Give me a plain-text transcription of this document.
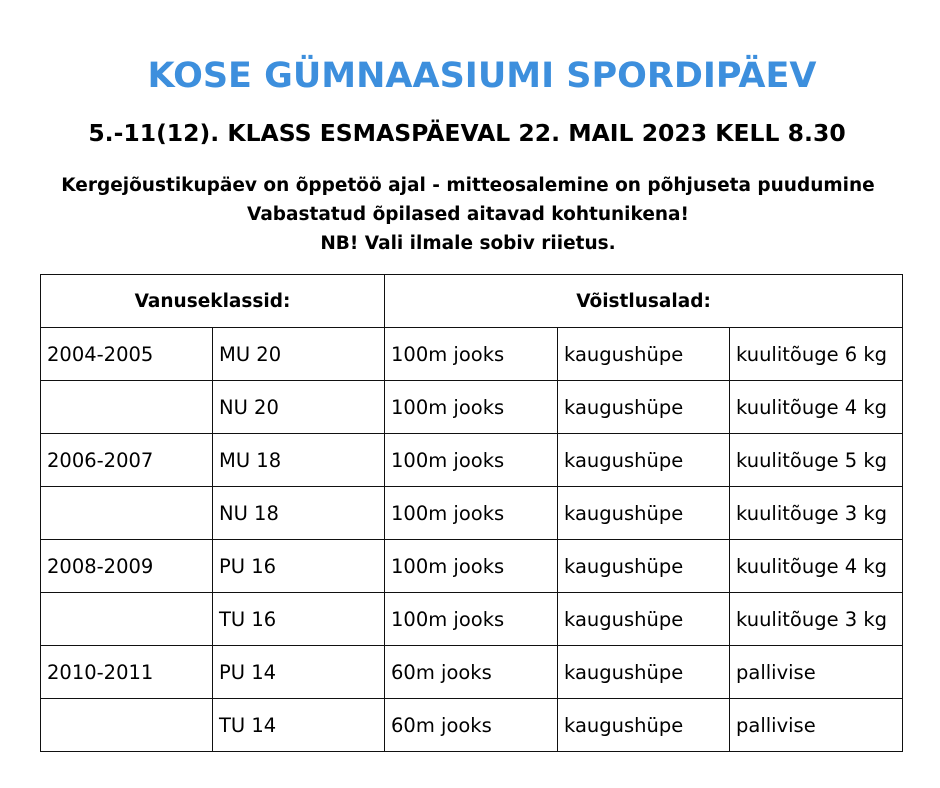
KOSE GÜMNAASIUMI SPORDIPÄEV
5.-11(12). KLASS ESMASPÄEVAL 22. MAIL 2023 KELL 8.30
Kergejõustikupäev on õppetöö ajal - mitteosalemine on põhjuseta puudumine
Vabastatud õpilased aitavad kohtunikena!
NB! Vali ilmale sobiv riietus.
Vanuseklassid:		Võistlusalad:		
2004-2005	MU 20	100m jooks	kaugushüpe	kuulitõuge 6 kg
	NU 20	100m jooks	kaugushüpe	kuulitõuge 4 kg
2006-2007	MU 18	100m jooks	kaugushüpe	kuulitõuge 5 kg
	NU 18	100m jooks	kaugushüpe	kuulitõuge 3 kg
2008-2009	PU 16	100m jooks	kaugushüpe	kuulitõuge 4 kg
	TU 16	100m jooks	kaugushüpe	kuulitõuge 3 kg
2010-2011	PU 14	60m jooks	kaugushüpe	pallivise
	TU 14	60m jooks	kaugushüpe	pallivise
